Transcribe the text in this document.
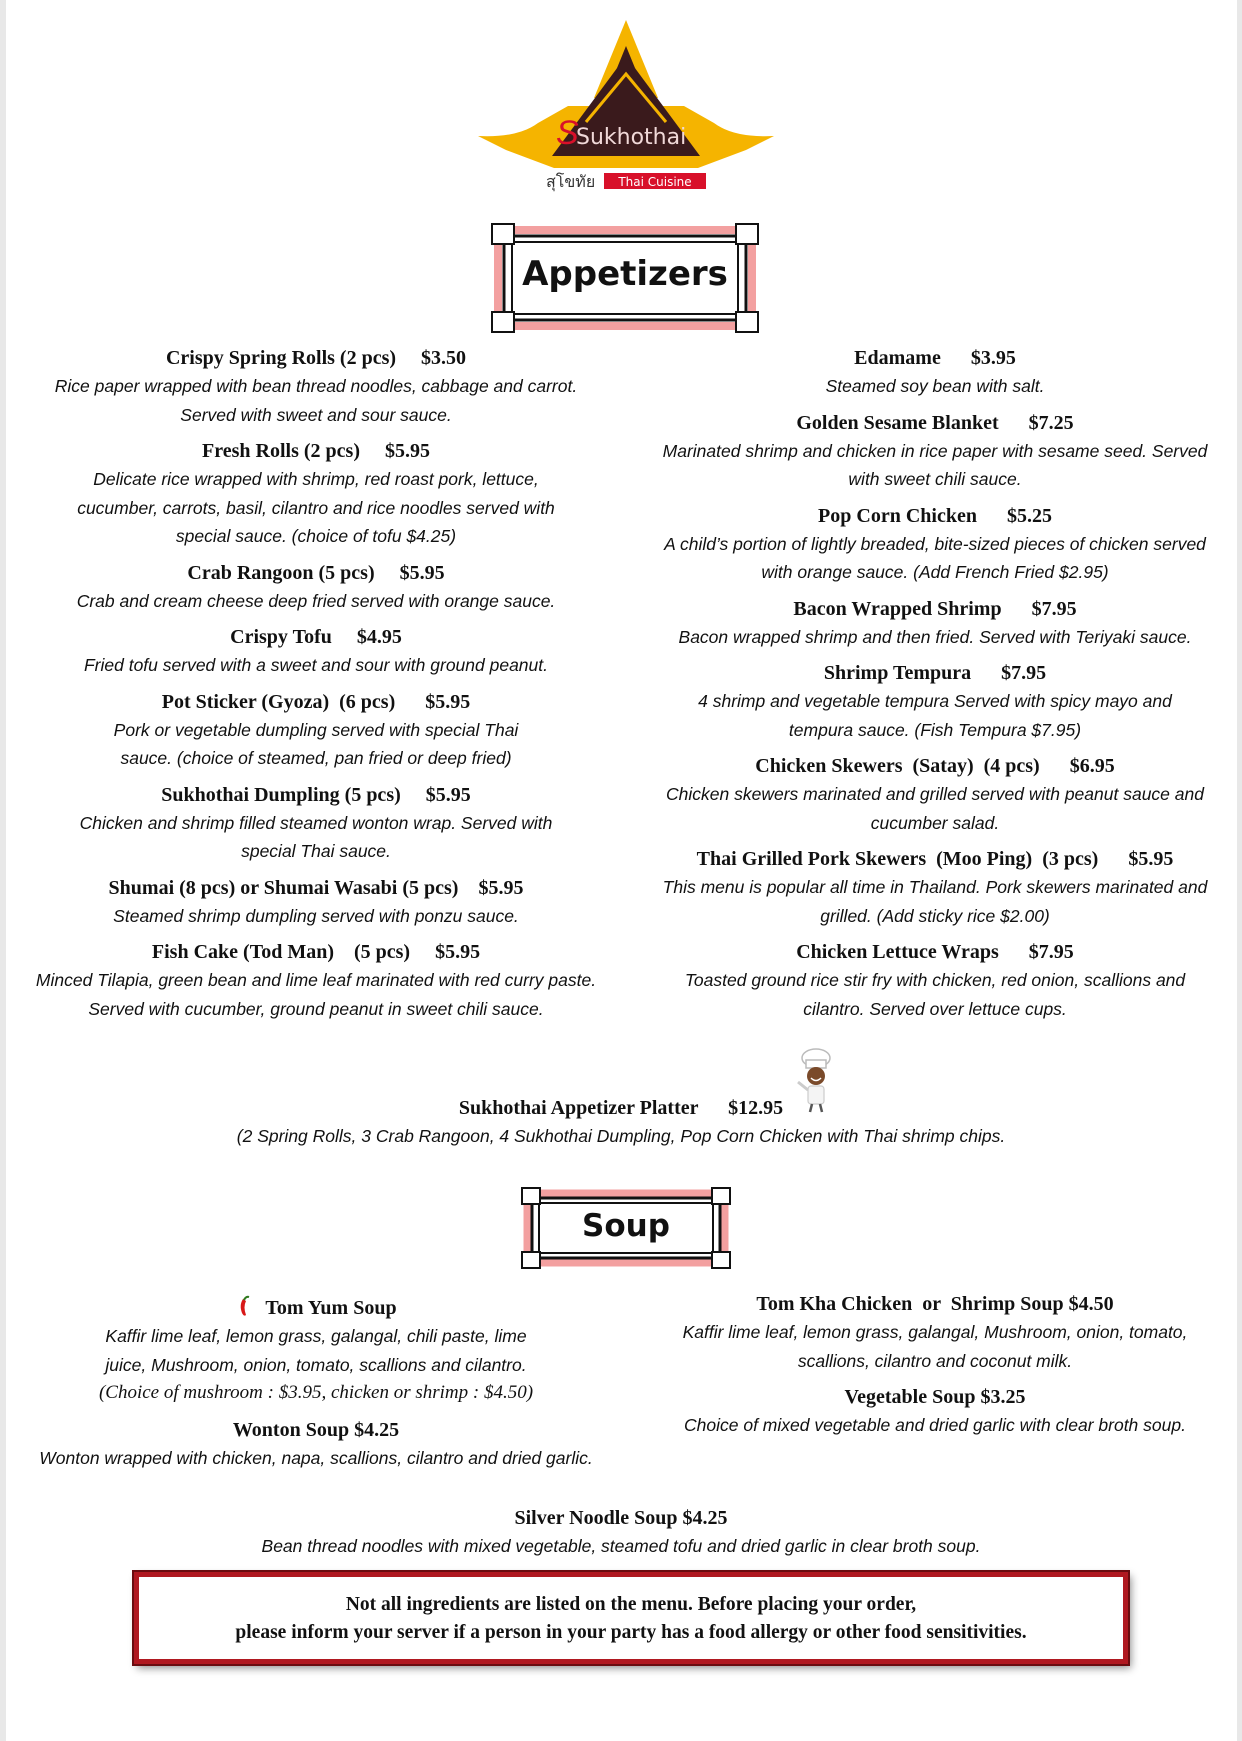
S
Sukhothai
สุโขทัย Thai Cuisine
Appetizers
Crispy Spring Rolls (2 pcs)     $3.50
Rice paper wrapped with bean thread noodles, cabbage and carrot. Served with sweet and sour sauce.
Fresh Rolls (2 pcs)     $5.95
Delicate rice wrapped with shrimp, red roast pork, lettuce, cucumber, carrots, basil, cilantro and rice noodles served with special sauce. (choice of tofu $4.25)
Crab Rangoon (5 pcs)     $5.95
Crab and cream cheese deep fried served with orange sauce.
Crispy Tofu     $4.95
Fried tofu served with a sweet and sour with ground peanut.
Pot Sticker (Gyoza)  (6 pcs)      $5.95
Pork or vegetable dumpling served with special Thai sauce. (choice of steamed, pan fried or deep fried)
Sukhothai Dumpling (5 pcs)     $5.95
Chicken and shrimp filled steamed wonton wrap. Served with special Thai sauce.
Shumai (8 pcs) or Shumai Wasabi (5 pcs)    $5.95
Steamed shrimp dumpling served with ponzu sauce.
Fish Cake (Tod Man)    (5 pcs)     $5.95
Minced Tilapia, green bean and lime leaf marinated with red curry paste. Served with cucumber, ground peanut in sweet chili sauce.
Edamame      $3.95
Steamed soy bean with salt.
Golden Sesame Blanket      $7.25
Marinated shrimp and chicken in rice paper with sesame seed. Served with sweet chili sauce.
Pop Corn Chicken      $5.25
A child’s portion of lightly breaded, bite-sized pieces of chicken served with orange sauce. (Add French Fried $2.95)
Bacon Wrapped Shrimp      $7.95
Bacon wrapped shrimp and then fried. Served with Teriyaki sauce.
Shrimp Tempura      $7.95
4 shrimp and vegetable tempura Served with spicy mayo and tempura sauce. (Fish Tempura $7.95)
Chicken Skewers  (Satay)  (4 pcs)      $6.95
Chicken skewers marinated and grilled served with peanut sauce and cucumber salad.
Thai Grilled Pork Skewers  (Moo Ping)  (3 pcs)      $5.95
This menu is popular all time in Thailand. Pork skewers marinated and grilled. (Add sticky rice $2.00)
Chicken Lettuce Wraps      $7.95
Toasted ground rice stir fry with chicken, red onion, scallions and cilantro. Served over lettuce cups.
Sukhothai Appetizer Platter      $12.95
(2 Spring Rolls, 3 Crab Rangoon, 4 Sukhothai Dumpling, Pop Corn Chicken with Thai shrimp chips.
Soup
Tom Yum Soup
Kaffir lime leaf, lemon grass, galangal, chili paste, lime juice, Mushroom, onion, tomato, scallions and cilantro.
(Choice of mushroom : $3.95, chicken or shrimp : $4.50)
Wonton Soup $4.25
Wonton wrapped with chicken, napa, scallions, cilantro and dried garlic.
Tom Kha Chicken  or  Shrimp Soup $4.50
Kaffir lime leaf, lemon grass, galangal, Mushroom, onion, tomato, scallions, cilantro and coconut milk.
Vegetable Soup $3.25
Choice of mixed vegetable and dried garlic with clear broth soup.
Silver Noodle Soup $4.25
Bean thread noodles with mixed vegetable, steamed tofu and dried garlic in clear broth soup.
Not all ingredients are listed on the menu. Before placing your order,
please inform your server if a person in your party has a food allergy or other food sensitivities.
